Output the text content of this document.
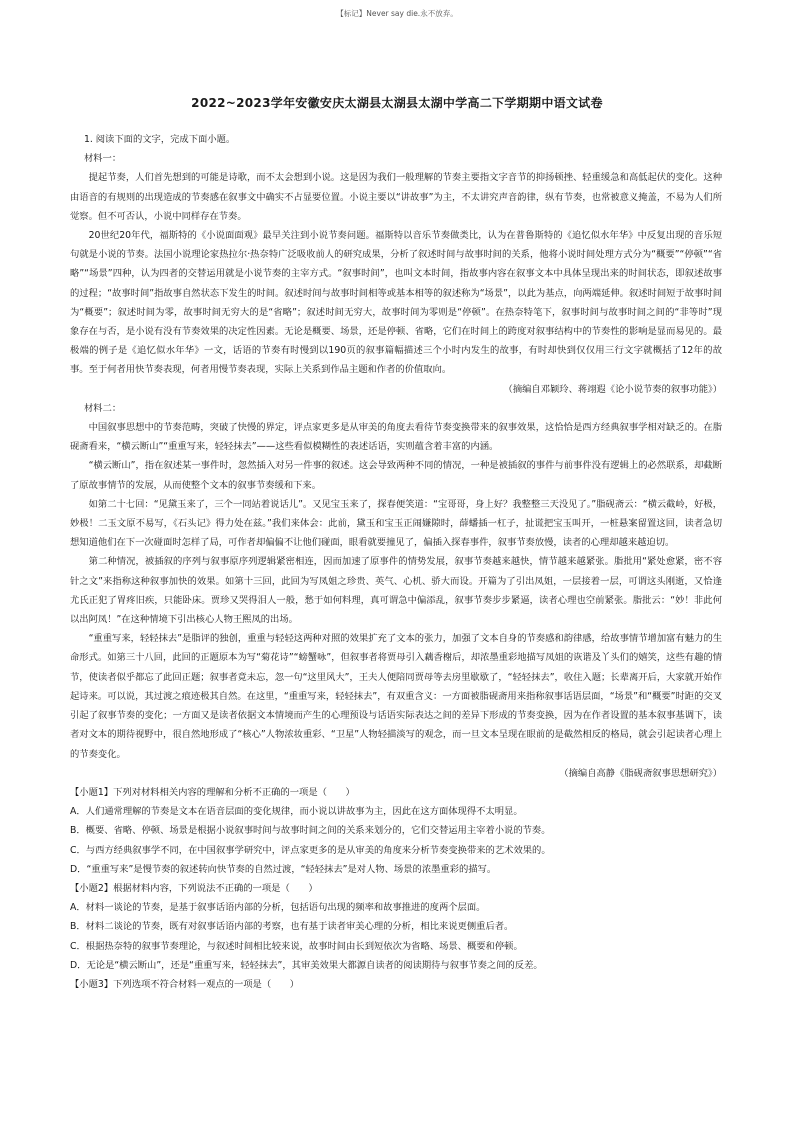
【标记】Never say die.永不放弃。
2022~2023学年安徽安庆太湖县太湖县太湖中学高二下学期期中语文试卷

1. 阅读下面的文字，完成下面小题。

材料一：

提起节奏，人们首先想到的可能是诗歌，而不太会想到小说。这是因为我们一般理解的节奏主要指文字音节的抑扬顿挫、轻重缓急和高低起伏的变化。这种由语音的有规则的出现造成的节奏感在叙事文中确实不占显要位置。小说主要以“讲故事”为主，不太讲究声音韵律，纵有节奏，也常被意义掩盖，不易为人们所觉察。但不可否认，小说中同样存在节奏。

20世纪20年代，福斯特的《小说面面观》最早关注到小说节奏问题。福斯特以音乐节奏做类比，认为在普鲁斯特的《追忆似水年华》中反复出现的音乐短句就是小说的节奏。法国小说理论家热拉尔·热奈特广泛吸收前人的研究成果，分析了叙述时间与故事时间的关系，他将小说时间处理方式分为“概要”“停顿”“省略”“场景”四种，认为四者的交替运用就是小说节奏的主宰方式。“叙事时间”，也叫文本时间，指故事内容在叙事文本中具体呈现出来的时间状态，即叙述故事的过程；“故事时间”指故事自然状态下发生的时间。叙述时间与故事时间相等或基本相等的叙述称为“场景”，以此为基点，向两端延伸。叙述时间短于故事时间为“概要”；叙述时间为零，故事时间无穷大的是“省略”；叙述时间无穷大，故事时间为零则是“停顿”。在热奈特笔下，叙事时间与故事时间之间的“非等时”现象存在与否，是小说有没有节奏效果的决定性因素。无论是概要、场景，还是停顿、省略，它们在时间上的跨度对叙事结构中的节奏性的影响是显而易见的。最极端的例子是《追忆似水年华》一文，话语的节奏有时慢到以190页的叙事篇幅描述三个小时内发生的故事，有时却快到仅仅用三行文字就概括了12年的故事。至于何者用快节奏表现，何者用慢节奏表现，实际上关系到作品主题和作者的价值取向。

（摘编自邓颖玲、蒋翊遐《论小说节奏的叙事功能》）

材料二：

中国叙事思想中的节奏范畴，突破了快慢的界定，评点家更多是从审美的角度去看待节奏变换带来的叙事效果，这恰恰是西方经典叙事学相对缺乏的。在脂砚斋看来，“横云断山”“重重写来，轻轻抹去”——这些看似模糊性的表述话语，实则蕴含着丰富的内涵。

“横云断山”，指在叙述某一事件时，忽然插入对另一件事的叙述。这会导致两种不同的情况，一种是被插叙的事件与前事件没有逻辑上的必然联系，却截断了原故事情节的发展，从而使整个文本的叙事节奏缓和下来。

如第二十七回：“见黛玉来了，三个一同站着说话儿”。又见宝玉来了，探春便笑道：“宝哥哥，身上好？我整整三天没见了。”脂砚斋云：“横云截岭，好极，妙极！二玉文原不易写，《石头记》得力处在兹。”我们来体会：此前，黛玉和宝玉正闹嫌隙时，薛蟠插一杠子，扯谎把宝玉叫开，一桩悬案留置这回，读者急切想知道他们在下一次碰面时怎样了局，可作者却偏偏不让他们碰面，眼看就要撞见了，偏插入探春事件，叙事节奏放慢，读者的心理却越来越迫切。

第二种情况，被插叙的序列与叙事原序列逻辑紧密相连，因而加速了原事件的情势发展，叙事节奏越来越快，情节越来越紧张。脂批用“紧处愈紧，密不容针之文”来指称这种叙事加快的效果。如第十三回，此回为写凤姐之珍贵、英气、心机、骄大而设。开篇为了引出凤姐，一层接着一层，可谓这头刚逝，又恰逢尤氏正犯了胃疼旧疾，只能卧床。贾珍又哭得泪人一般，愁于如何料理，真可谓急中偏添乱，叙事节奏步步紧逼，读者心理也空前紧张。脂批云：“妙！非此何以出阿凤！”在这种情境下引出核心人物王熙凤的出场。

“重重写来，轻轻抹去”是脂评的独创，重重与轻轻这两种对照的效果扩充了文本的张力，加强了文本自身的节奏感和韵律感，给故事情节增加富有魅力的生命形式。如第三十八回，此回的正题原本为写“菊花诗”“螃蟹咏”，但叙事者将贾母引入藕香榭后，却浓墨重彩地描写凤姐的诙谐及丫头们的嬉笑，这些有趣的情节，使读者似乎都忘了此回正题；叙事者竟未忘，忽一句“这里风大”，王夫人便陪同贾母等去房里歇歇了，“轻轻抹去”，收住入题；长辈离开后，大家就开始作起诗来。可以说，其过渡之痕迹极其自然。在这里，“重重写来，轻轻抹去”，有双重含义：一方面被脂砚斋用来指称叙事话语层面，“场景”和“概要”时距的交叉引起了叙事节奏的变化；一方面又是读者依据文本情境而产生的心理预设与话语实际表达之间的差异下形成的节奏变换，因为在作者设置的基本叙事基调下，读者对文本的期待视野中，很自然地形成了“核心”人物浓妆重彩、“卫星”人物轻描淡写的观念，而一旦文本呈现在眼前的是截然相反的格局，就会引起读者心理上的节奏变化。

（摘编自高静《脂砚斋叙事思想研究》）

【小题1】下列对材料相关内容的理解和分析不正确的一项是（　　）

A．人们通常理解的节奏是文本在语音层面的变化规律，而小说以讲故事为主，因此在这方面体现得不太明显。

B．概要、省略、停顿、场景是根据小说叙事时间与故事时间之间的关系来划分的，它们交替运用主宰着小说的节奏。

C．与西方经典叙事学不同，在中国叙事学研究中，评点家更多的是从审美的角度来分析节奏变换带来的艺术效果的。

D．“重重写来”是慢节奏的叙述转向快节奏的自然过渡，“轻轻抹去”是对人物、场景的浓墨重彩的描写。

【小题2】根据材料内容，下列说法不正确的一项是（　　）

A．材料一谈论的节奏，是基于叙事话语内部的分析，包括语句出现的频率和故事推进的度两个层面。

B．材料二谈论的节奏，既有对叙事话语内部的考察，也有基于读者审美心理的分析，相比来说更侧重后者。

C．根据热奈特的叙事节奏理论，与叙述时间相比较来说，故事时间由长到短依次为省略、场景、概要和停顿。

D．无论是“横云断山”，还是“重重写来，轻轻抹去”，其审美效果大都源自读者的阅读期待与叙事节奏之间的反差。

【小题3】下列选项不符合材料一观点的一项是（　　）
